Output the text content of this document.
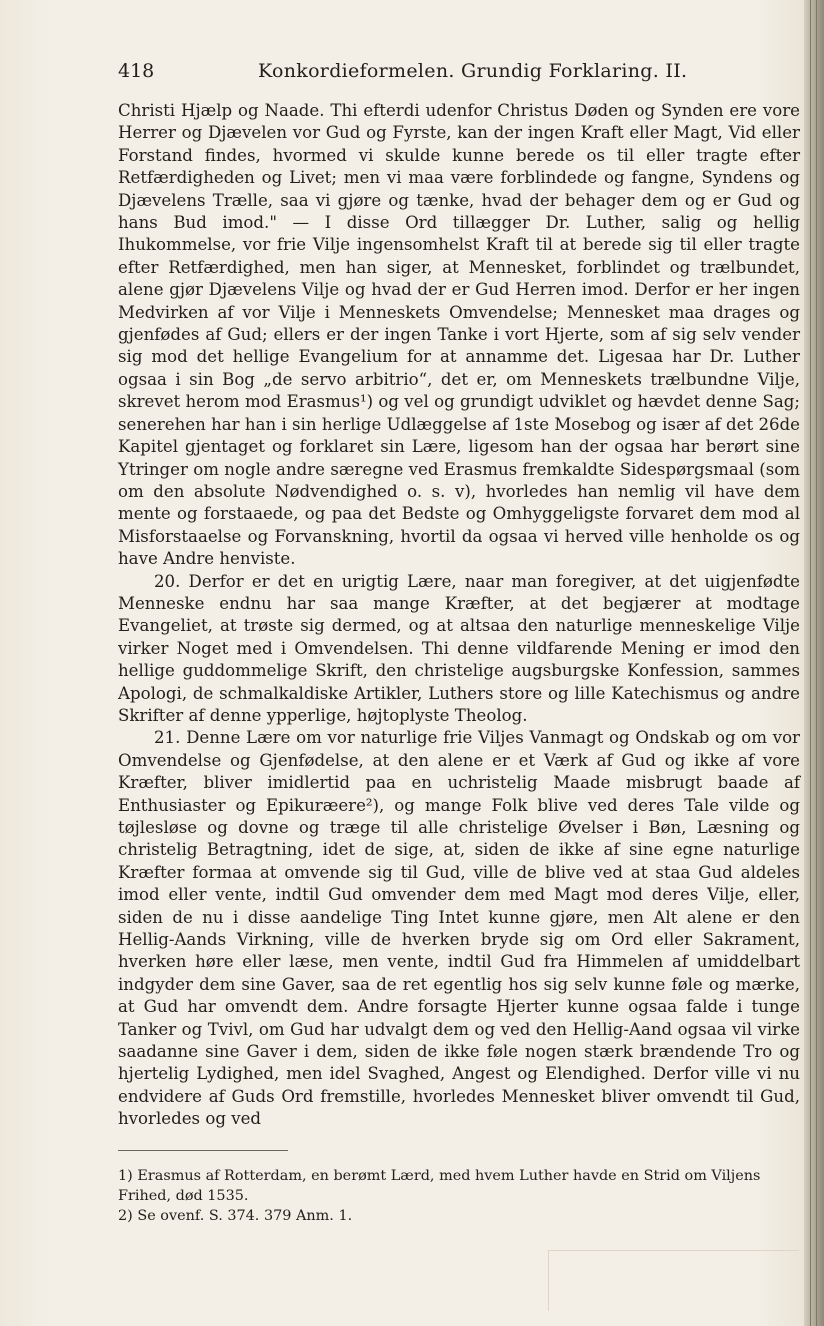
418	Konkordieformelen. Grundig Forklaring. II.

Christi Hjælp og Naade. Thi efterdi udenfor Christus Døden og Synden ere vore Herrer og Djævelen vor Gud og Fyrste, kan der ingen Kraft eller Magt, Vid eller Forstand findes, hvormed vi skulde kunne berede os til eller tragte efter Retfærdigheden og Livet; men vi maa være forblindede og fangne, Syndens og Djævelens Trælle, saa vi gjøre og tænke, hvad der behager dem og er Gud og hans Bud imod." — I disse Ord tillægger Dr. Luther, salig og hellig Ihukommelse, vor frie Vilje ingensomhelst Kraft til at berede sig til eller tragte efter Retfærdighed, men han siger, at Mennesket, forblindet og trælbundet, alene gjør Djævelens Vilje og hvad der er Gud Herren imod. Derfor er her ingen Medvirken af vor Vilje i Menneskets Omvendelse; Mennesket maa drages og gjenfødes af Gud; ellers er der ingen Tanke i vort Hjerte, som af sig selv vender sig mod det hellige Evangelium for at annamme det. Ligesaa har Dr. Luther ogsaa i sin Bog „de servo arbitrio“, det er, om Menneskets trælbundne Vilje, skrevet herom mod Erasmus¹) og vel og grundigt udviklet og hævdet denne Sag; senerehen har han i sin herlige Udlæggelse af 1ste Mosebog og især af det 26de Kapitel gjentaget og forklaret sin Lære, ligesom han der ogsaa har berørt sine Ytringer om nogle andre særegne ved Erasmus fremkaldte Sidespørgsmaal (som om den absolute Nødvendighed o. s. v), hvorledes han nemlig vil have dem mente og forstaaede, og paa det Bedste og Omhyggeligste forvaret dem mod al Misforstaaelse og Forvanskning, hvortil da ogsaa vi herved ville henholde os og have Andre henviste.

20. Derfor er det en urigtig Lære, naar man foregiver, at det uigjenfødte Menneske endnu har saa mange Kræfter, at det begjærer at modtage Evangeliet, at trøste sig dermed, og at altsaa den naturlige menneskelige Vilje virker Noget med i Omvendelsen. Thi denne vildfarende Mening er imod den hellige guddommelige Skrift, den christelige augsburgske Konfession, sammes Apologi, de schmalkaldiske Artikler, Luthers store og lille Katechismus og andre Skrifter af denne ypperlige, højtoplyste Theolog.

21. Denne Lære om vor naturlige frie Viljes Vanmagt og Ondskab og om vor Omvendelse og Gjenfødelse, at den alene er et Værk af Gud og ikke af vore Kræfter, bliver imidlertid paa en uchristelig Maade misbrugt baade af Enthusiaster og Epikuræere²), og mange Folk blive ved deres Tale vilde og tøjlesløse og dovne og træge til alle christelige Øvelser i Bøn, Læsning og christelig Betragtning, idet de sige, at, siden de ikke af sine egne naturlige Kræfter formaa at omvende sig til Gud, ville de blive ved at staa Gud aldeles imod eller vente, indtil Gud omvender dem med Magt mod deres Vilje, eller, siden de nu i disse aandelige Ting Intet kunne gjøre, men Alt alene er den Hellig-Aands Virkning, ville de hverken bryde sig om Ord eller Sakrament, hverken høre eller læse, men vente, indtil Gud fra Himmelen af umiddelbart indgyder dem sine Gaver, saa de ret egentlig hos sig selv kunne føle og mærke, at Gud har omvendt dem. Andre forsagte Hjerter kunne ogsaa falde i tunge Tanker og Tvivl, om Gud har udvalgt dem og ved den Hellig-Aand ogsaa vil virke saadanne sine Gaver i dem, siden de ikke føle nogen stærk brændende Tro og hjertelig Lydighed, men idel Svaghed, Angest og Elendighed. Derfor ville vi nu endvidere af Guds Ord fremstille, hvorledes Mennesket bliver omvendt til Gud, hvorledes og ved

1) Erasmus af Rotterdam, en berømt Lærd, med hvem Luther havde en Strid om Viljens Frihed, død 1535.

2) Se ovenf. S. 374. 379 Anm. 1.
